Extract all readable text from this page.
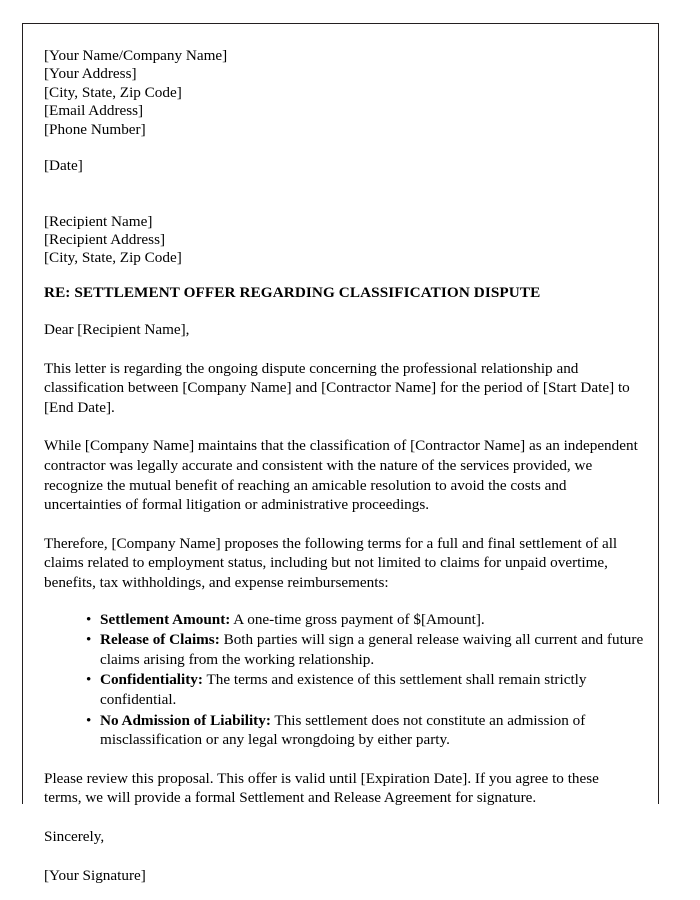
[Your Name/Company Name]
[Your Address]
[City, State, Zip Code]
[Email Address]
[Phone Number]
[Date]
[Recipient Name]
[Recipient Address]
[City, State, Zip Code]
RE: SETTLEMENT OFFER REGARDING CLASSIFICATION DISPUTE
Dear [Recipient Name],

This letter is regarding the ongoing dispute concerning the professional relationship and classification between [Company Name] and [Contractor Name] for the period of [Start Date] to [End Date].

While [Company Name] maintains that the classification of [Contractor Name] as an independent contractor was legally accurate and consistent with the nature of the services provided, we recognize the mutual benefit of reaching an amicable resolution to avoid the costs and uncertainties of formal litigation or administrative proceedings.

Therefore, [Company Name] proposes the following terms for a full and final settlement of all claims related to employment status, including but not limited to claims for unpaid overtime, benefits, tax withholdings, and expense reimbursements:

• Settlement Amount: A one-time gross payment of $[Amount].
• Release of Claims: Both parties will sign a general release waiving all current and future claims arising from the working relationship.
• Confidentiality: The terms and existence of this settlement shall remain strictly confidential.
• No Admission of Liability: This settlement does not constitute an admission of misclassification or any legal wrongdoing by either party.

Please review this proposal. This offer is valid until [Expiration Date]. If you agree to these terms, we will provide a formal Settlement and Release Agreement for signature.

Sincerely,
[Your Signature]
